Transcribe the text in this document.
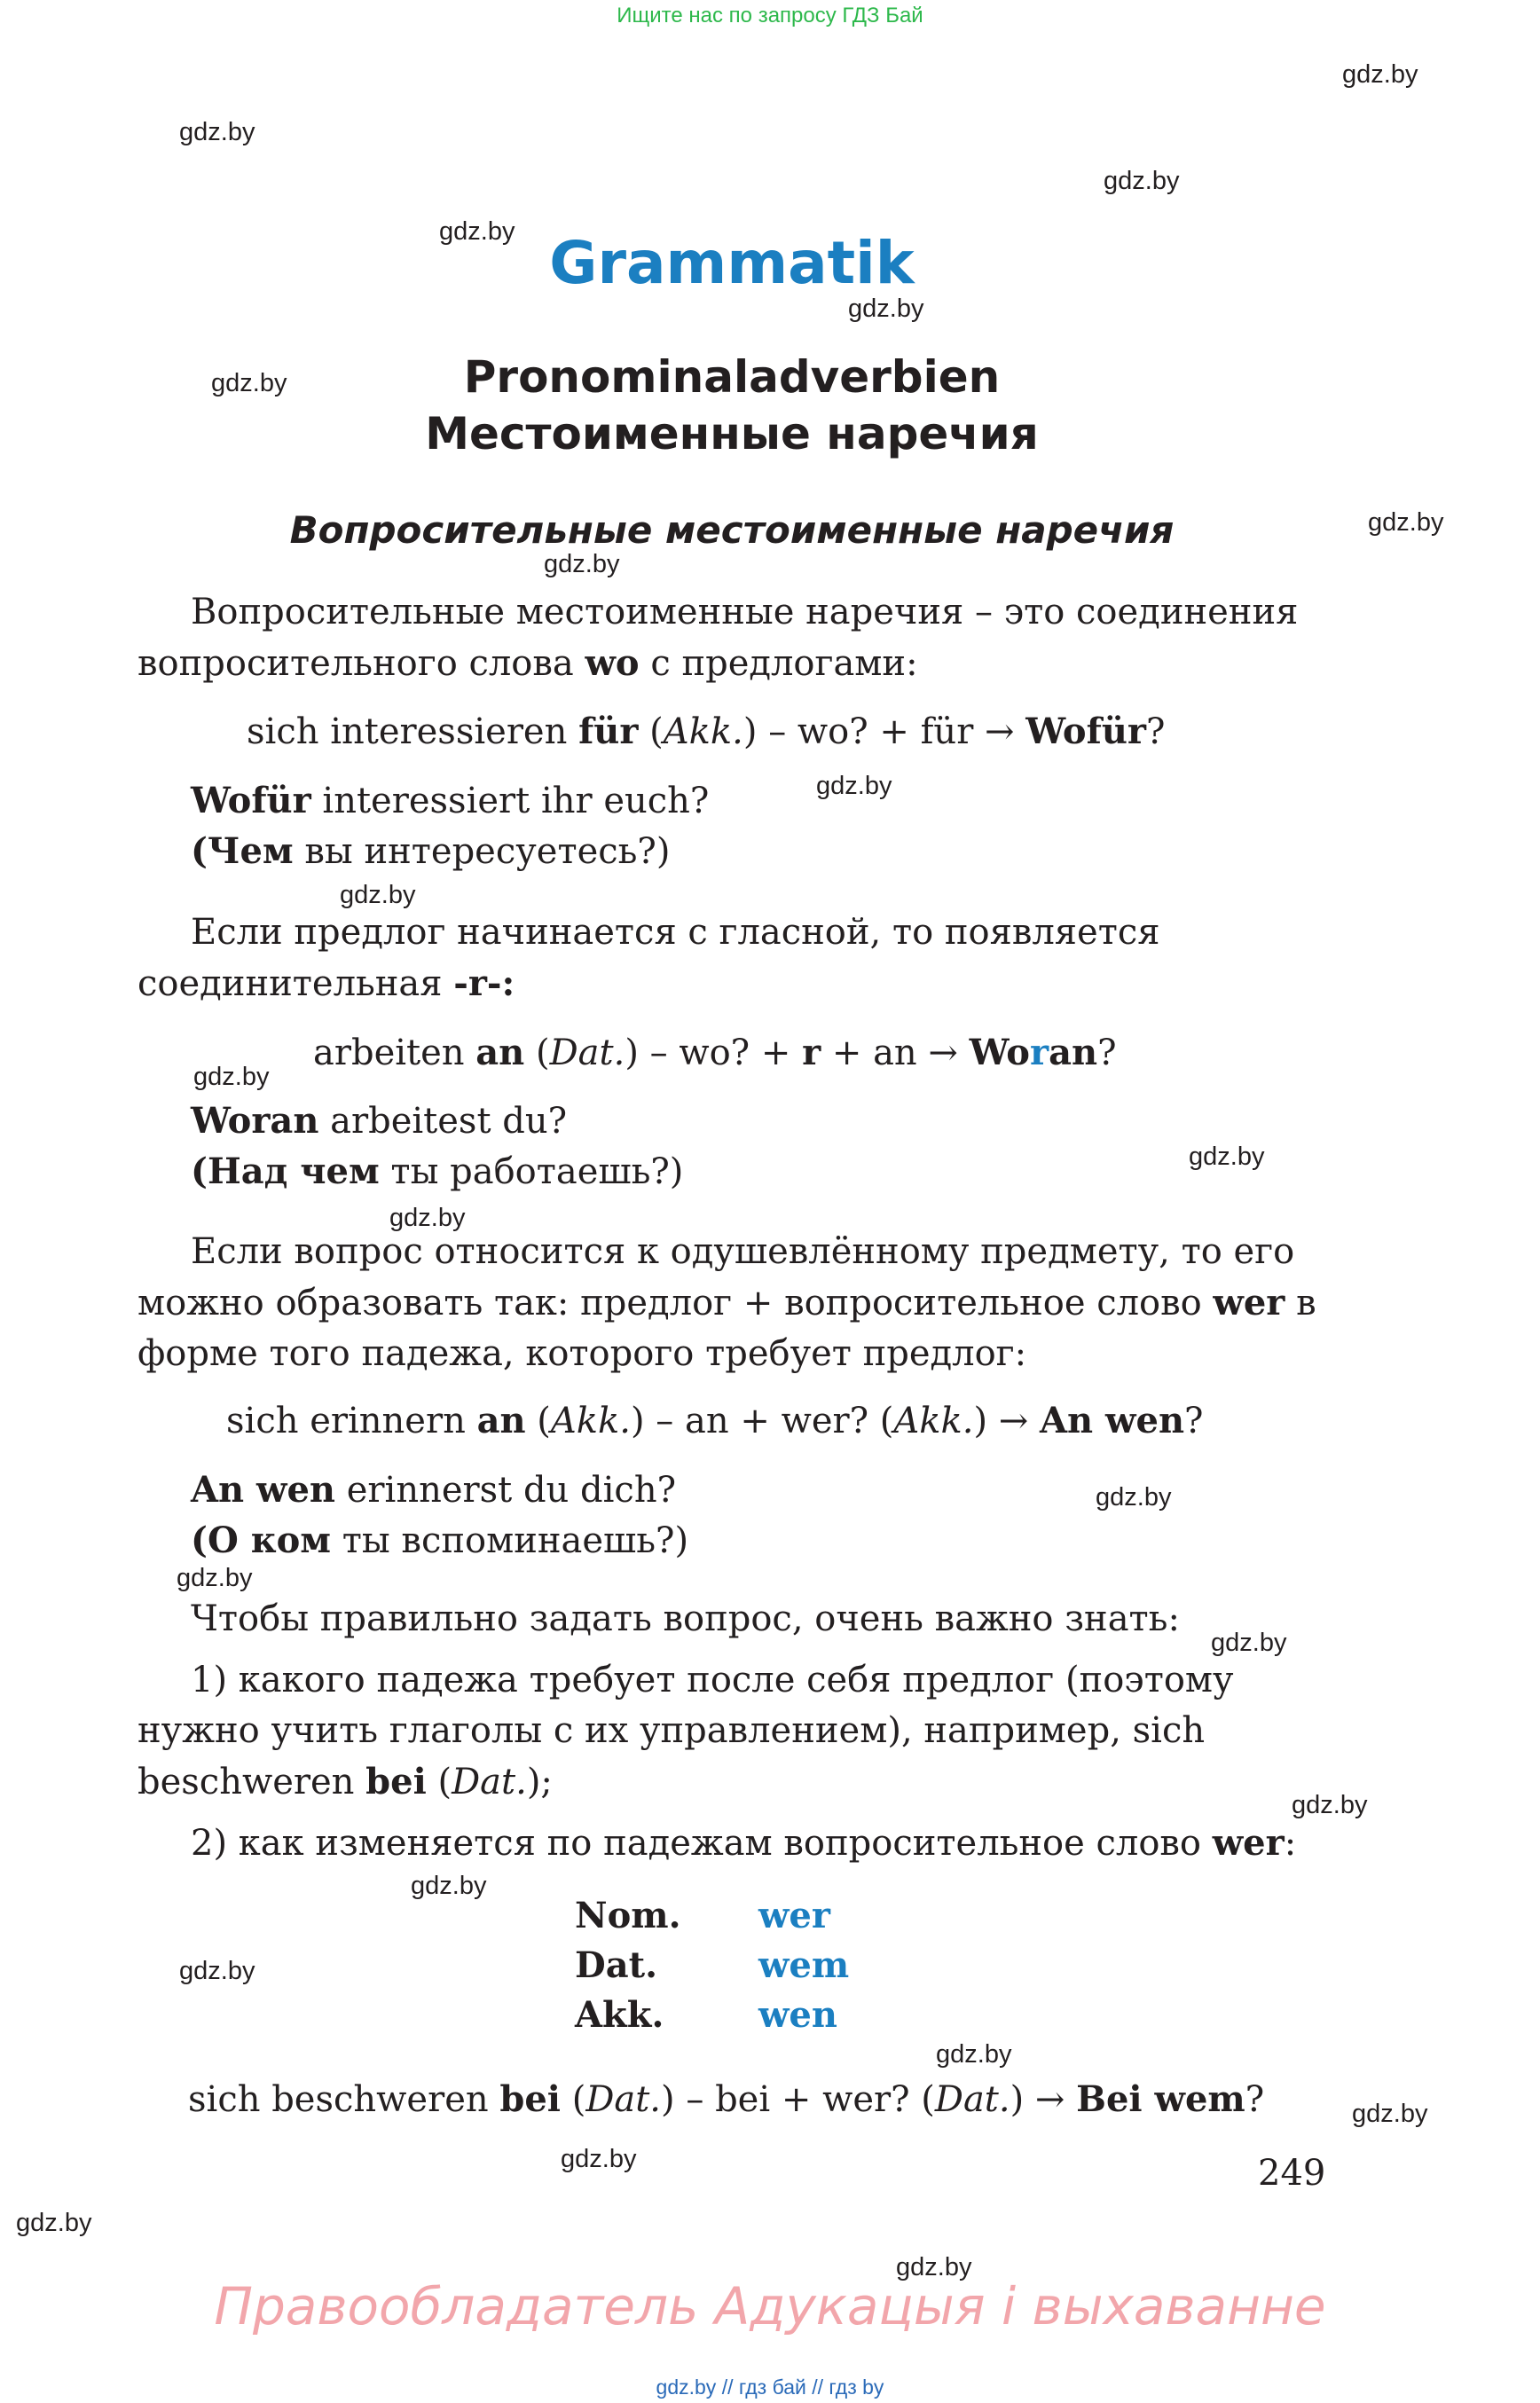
Ищите нас по запросу ГДЗ Бай
gdz.by
gdz.by
gdz.by
gdz.by
gdz.by
gdz.by
gdz.by
gdz.by
gdz.by
gdz.by
gdz.by
gdz.by
gdz.by
gdz.by
gdz.by
gdz.by
gdz.by
gdz.by
gdz.by
gdz.by
gdz.by
gdz.by
gdz.by
gdz.by
Grammatik
Pronominaladverbien
Местоименные наречия
Вопросительные местоименные наречия
Вопросительные местоименные наречия – это соединения вопросительного слова wo с предлогами:
sich interessieren für (Akk.) – wo? + für → Wofür?
Wofür interessiert ihr euch?
(Чем вы интересуетесь?)
Если предлог начинается с гласной, то появляется соединительная -r-:
arbeiten an (Dat.) – wo? + r + an → Woran?
Woran arbeitest du?
(Над чем ты работаешь?)
Если вопрос относится к одушевлённому предмету, то его можно образовать так: предлог + вопросительное слово wer в форме того падежа, которого требует предлог:
sich erinnern an (Akk.) – an + wer? (Akk.) → An wen?
An wen erinnerst du dich?
(О ком ты вспоминаешь?)
Чтобы правильно задать вопрос, очень важно знать:
1) какого падежа требует после себя предлог (поэтому нужно учить глаголы с их управлением), например, sich beschweren bei (Dat.);
2) как изменяется по падежам вопросительное слово wer:
Nom. wer
Dat.	wem
Akk.	wen
sich beschweren bei (Dat.) – bei + wer? (Dat.) → Bei wem?
249
Правообладатель Адукацыя і выхаванне
gdz.by // гдз бай // гдз by
